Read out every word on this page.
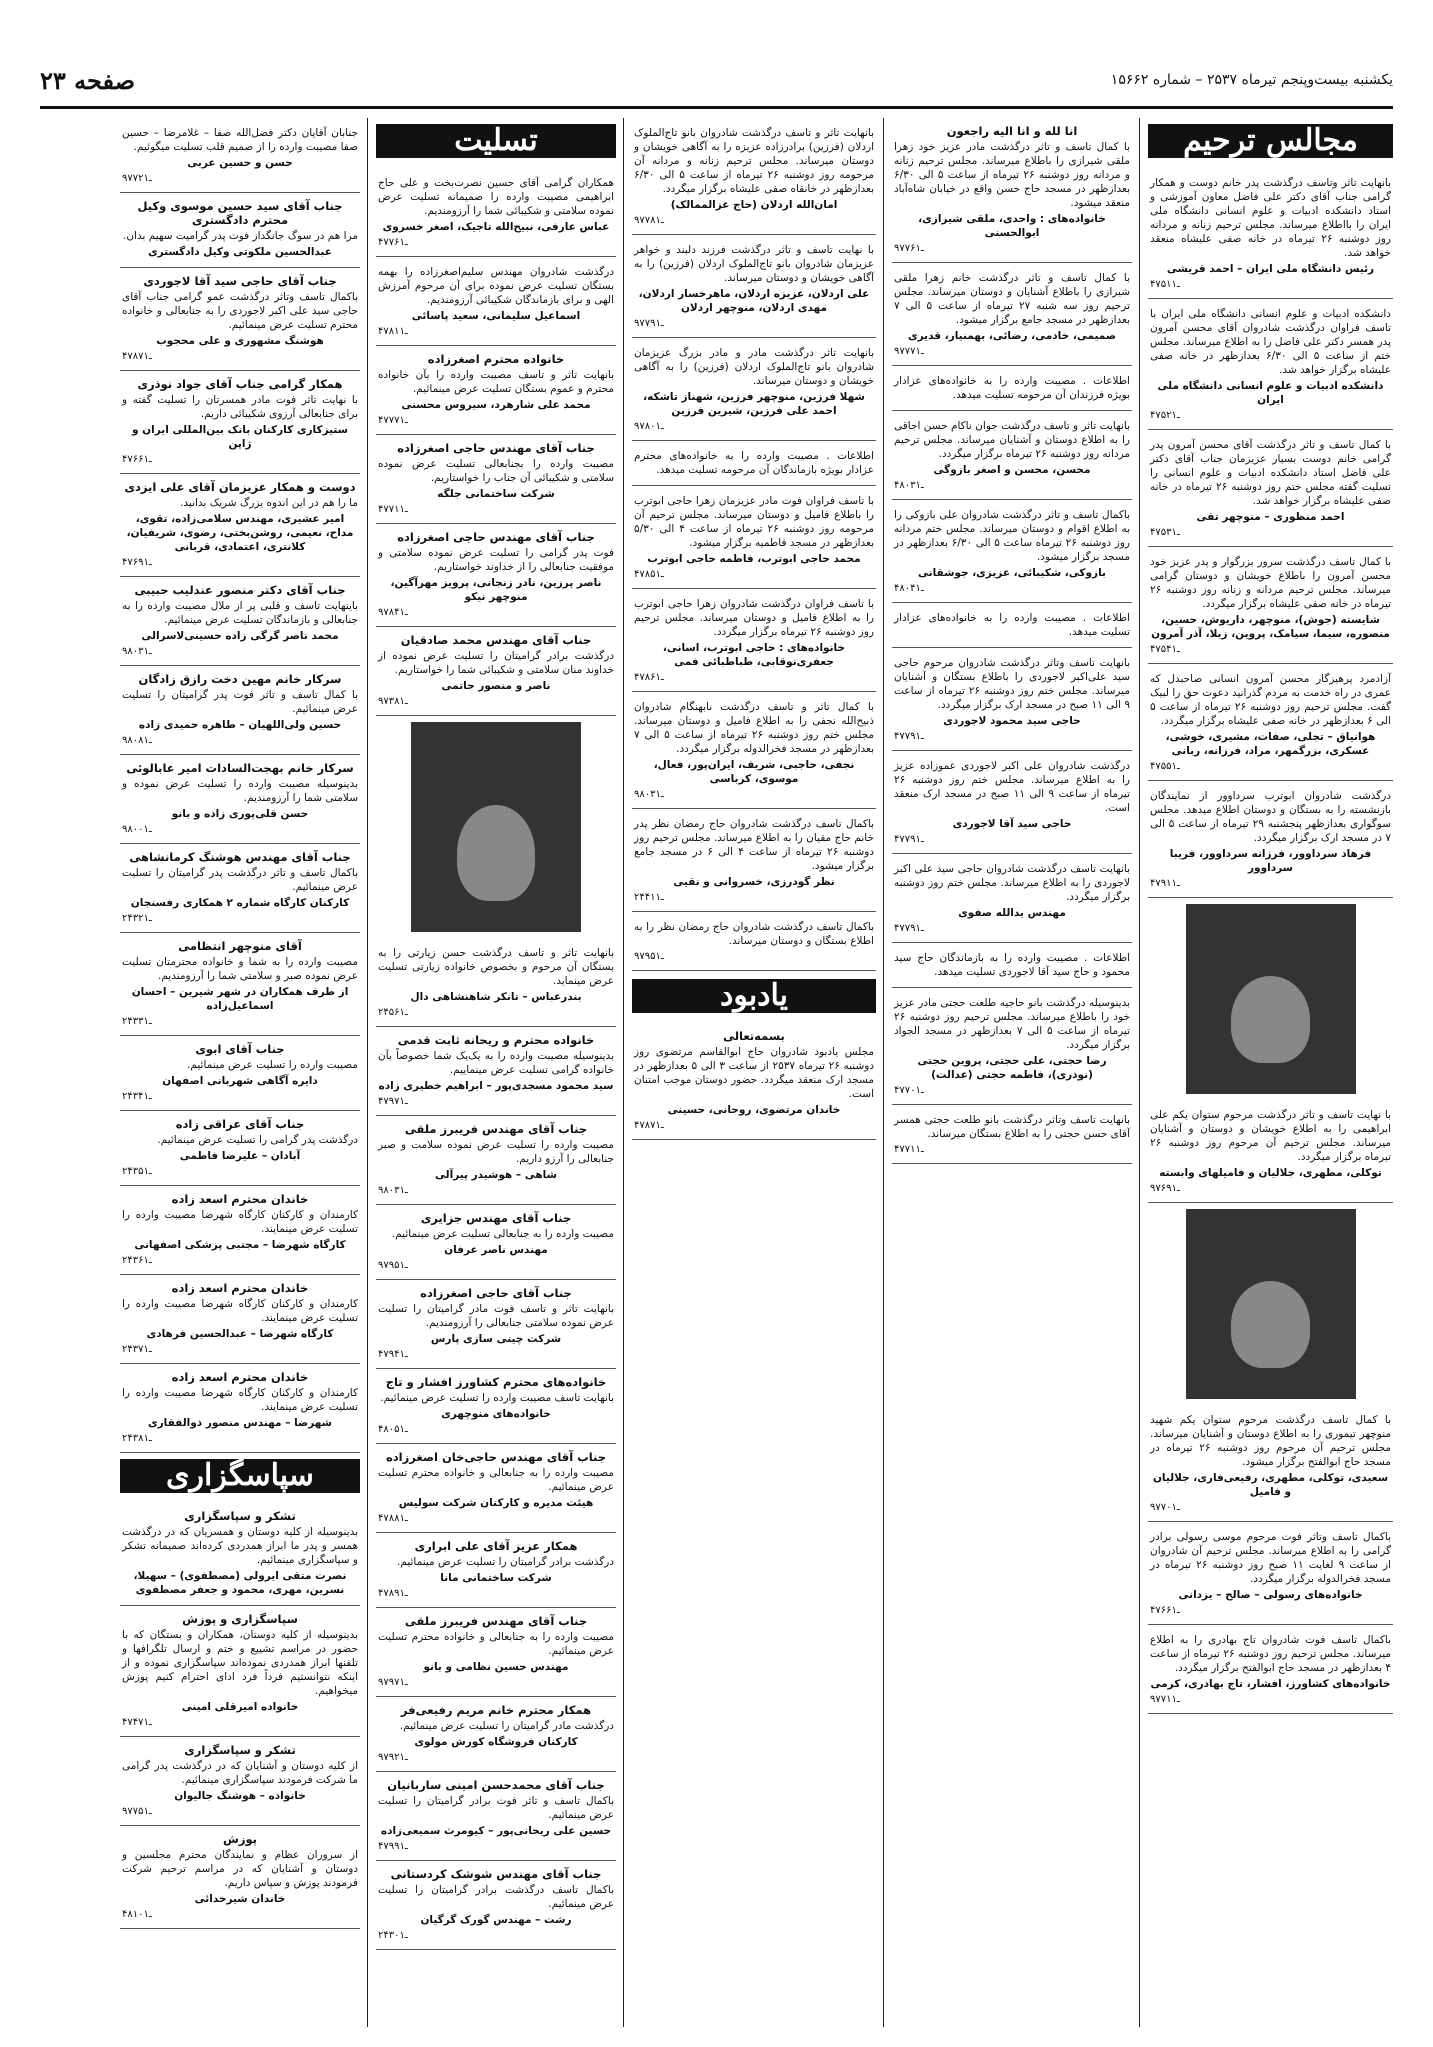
یکشنبه بیست‌وپنجم تیرماه ۲۵۳۷ – شماره ۱۵۶۶۲
صفحه ۲۳
مجالس ترحیم
بانهایت تاثر وتاسف درگذشت پدر خانم دوست و همکار گرامی جناب آقای دکتر علی فاضل معاون آموزشی و استاد دانشکده ادبیات و علوم انسانی دانشگاه ملی ایران را بااطلاع میرساند. مجلس ترحیم زنانه و مردانه روز دوشنبه ۲۶ تیرماه در خانه صفی علیشاه منعقد خواهد شد.
رئیس دانشگاه ملی ایران – احمد قریشی
۴۷۵۱ـ۱
دانشکده ادبیات و علوم انسانی دانشگاه ملی ایران با تاسف فراوان درگذشت شادروان آقای محسن آمرون پدر همسر دکتر علی فاضل را به اطلاع میرساند. مجلس ختم از ساعت ۵ الی ۶/۳۰ بعدازظهر در خانه صفی علیشاه برگزار خواهد شد.
دانشکده ادبیات و علوم انسانی دانشگاه ملی ایران
۴۷۵۲ـ۱
با کمال تاسف و تاثر درگذشت آقای محسن آمرون پدر گرامی خانم دوست بسیار عزیزمان جناب آقای دکتر علی فاضل استاد دانشکده ادبیات و علوم انسانی را تسلیت گفته مجلس ختم روز دوشنبه ۲۶ تیرماه در خانه صفی علیشاه برگزار خواهد شد.
احمد منظوری – منوچهر تقی
۴۷۵۳ـ۱
با کمال تاسف درگذشت سرور بزرگوار و پدر عزیز خود محسن آمرون را باطلاع خویشان و دوستان گرامی میرساند. مجلس ترحیم مردانه و زنانه روز دوشنبه ۲۶ تیرماه در خانه صفی علیشاه برگزار میگردد.
شایسته (جوش)، منوچهر، داریوش، حسین، منصوره، سیما، سیامک، پروین، زیلا، آذر آمرون
۴۷۵۴ـ۱
آزادمرد پرهیزگار محسن آمرون انسانی صاحبدل که عمری در راه خدمت به مردم گذرانید دعوت حق را لبیک گفت. مجلس ترحیم روز دوشنبه ۲۶ تیرماه از ساعت ۵ الی ۶ بعدازظهر در خانه صفی علیشاه برگزار میگردد.
هوانیاق – تجلی، صفات، مشیری، خوشی، عسکری، بزرگمهر، مراد، فرزانه، ربانی
۴۷۵۵ـ۱
درگذشت شادروان ابوترب سرداوور از نمایندگان بازنشسته را به بستگان و دوستان اطلاع میدهد. مجلس سوگواری بعدازظهر پنجشنبه ۲۹ تیرماه از ساعت ۵ الی ۷ در مسجد ارک برگزار میگردد.
فرهاد سرداوور، فرزانه سرداوور، فریبا سرداوور
۴۷۹۱ـ۱
با نهایت تاسف و تاثر درگذشت مرحوم ستوان یکم علی ابراهیمی را به اطلاع خویشان و دوستان و آشنایان میرساند. مجلس ترحیم آن مرحوم روز دوشنبه ۲۶ تیرماه برگزار میگردد.
توکلی، مطهری، جلالیان و فامیلهای وابسته
۹۷۶۹ـ۱
با کمال تاسف درگذشت مرحوم ستوان یکم شهید منوچهر تیموری را به اطلاع دوستان و آشنایان میرساند. مجلس ترحیم آن مرحوم روز دوشنبه ۲۶ تیرماه در مسجد حاج ابوالفتح برگزار میشود.
سعیدی، توکلی، مطهری، رفیعی‌فاری، جلالیان و فامیل
۹۷۷۰ـ۱
باکمال تاسف وتاثر فوت مرحوم موسی رسولی برادر گرامی را به اطلاع میرساند. مجلس ترحیم آن شادروان از ساعت ۹ لغایت ۱۱ صبح روز دوشنبه ۲۶ تیرماه در مسجد فخرالدوله برگزار میگردد.
خانواده‌های رسولی – صالح – یزدانی
۴۷۶۶ـ۱
باکمال تاسف فوت شادروان تاج بهادری را به اطلاع میرساند. مجلس ترحیم روز دوشنبه ۲۶ تیرماه از ساعت ۴ بعدازظهر در مسجد حاج ابوالفتح برگزار میگردد.
خانواده‌های کشاورز، افشار، تاج بهادری، کرمی
۹۷۷۱ـ۱
انا لله و انا الیه راجعون
با کمال تاسف و تاثر درگذشت مادر عزیز خود زهرا ملقی شیرازی را باطلاع میرساند. مجلس ترحیم زنانه و مردانه روز دوشنبه ۲۶ تیرماه از ساعت ۵ الی ۶/۳۰ بعدازظهر در مسجد حاج حسن واقع در خیابان شاه‌آباد منعقد میشود.
خانواده‌های : واحدی، ملقی شیرازی، ابوالحسنی
۹۷۷۶ـ۱
با کمال تاسف و تاثر درگذشت خانم زهرا ملقی شیرازی را باطلاع آشنایان و دوستان میرساند. مجلس ترحیم روز سه شنبه ۲۷ تیرماه از ساعت ۵ الی ۷ بعدازظهر در مسجد جامع برگزار میشود.
صمیمی، خادمی، رضائی، بهمنیار، قدیری
۹۷۷۷ـ۱
اطلاعات . مصیبت وارده را به خانواده‌های عزادار بویژه فرزندان آن مرحومه تسلیت میدهد.
بانهایت تاثر و تاسف درگذشت جوان ناکام حسن اجاقی را به اطلاع دوستان و آشنایان میرساند. مجلس ترحیم مردانه روز دوشنبه ۲۶ تیرماه برگزار میگردد.
محسن، محسن و اصغر بازوگی
۴۸۰۳ـ۱
باکمال تاسف و تاثر درگذشت شادروان علی بازوکی را به اطلاع اقوام و دوستان میرساند. مجلس ختم مردانه روز دوشنبه ۲۶ تیرماه ساعت ۵ الی ۶/۳۰ بعدازظهر در مسجد برگزار میشود.
بازوکی، شکیبائی، عزیزی، جوشقانی
۴۸۰۴ـ۱
اطلاعات . مصیبت وارده را به خانواده‌های عزادار تسلیت میدهد.
بانهایت تاسف وتاثر درگذشت شادروان مرحوم حاجی سید علی‌اکبر لاجوردی را باطلاع بستگان و آشنایان میرساند. مجلس ختم روز دوشنبه ۲۶ تیرماه از ساعت ۹ الی ۱۱ صبح در مسجد ارک برگزار میگردد.
حاجی سید محمود لاجوردی
۴۷۷۹ـ۱
درگذشت شادروان علی اکبر لاجوردی عموزاده عزیز را به اطلاع میرساند. مجلس ختم روز دوشنبه ۲۶ تیرماه از ساعت ۹ الی ۱۱ صبح در مسجد ارک منعقد است.
حاجی سید آقا لاجوردی
۴۷۷۹ـ۱
بانهایت تاسف درگذشت شادروان حاجی سید علی اکبر لاجوردی را به اطلاع میرساند. مجلس ختم روز دوشنبه برگزار میگردد.
مهندس یدالله صفوی
۴۷۷۹ـ۱
اطلاعات . مصیبت وارده را به بازماندگان حاج سید محمود و حاج سید آقا لاجوردی تسلیت میدهد.
بدینوسیله درگذشت بانو حاجیه طلعت حجتی مادر عزیز خود را باطلاع میرساند. مجلس ترحیم روز دوشنبه ۲۶ تیرماه از ساعت ۵ الی ۷ بعدازظهر در مسجد الجواد برگزار میگردد.
رضا حجتی، علی حجتی، پروین حجتی (نوذری)، فاطمه حجتی (عدالت)
۴۷۷۰ـ۱
بانهایت تاسف وتاثر درگذشت بانو طلعت حجتی همسر آقای حسن حجتی را به اطلاع بستگان میرساند.
۴۷۷۱ـ۱
بانهایت تاثر و تاسف درگذشت شادروان بانو تاج‌الملوک اردلان (فرزین) برادرزاده عزیزه را به آگاهی خویشان و دوستان میرساند. مجلس ترحیم زنانه و مردانه آن مرحومه روز دوشنبه ۲۶ تیرماه از ساعت ۵ الی ۶/۳۰ بعدازظهر در خانقاه صفی علیشاه برگزار میگردد.
امان‌الله اردلان (حاج عزالممالک)
۹۷۷۸ـ۱
با نهایت تاسف و تاثر درگذشت فرزند دلبند و خواهر عزیزمان شادروان بانو تاج‌الملوک اردلان (فرزین) را به آگاهی خویشان و دوستان میرساند.
علی اردلان، عزیزه اردلان، ماهرخسار اردلان، مهدی اردلان، منوچهر اردلان
۹۷۷۹ـ۱
بانهایت تاثر درگذشت مادر و مادر بزرگ عزیزمان شادروان بانو تاج‌الملوک اردلان (فرزین) را به آگاهی خویشان و دوستان میرساند.
شهلا فرزین، منوچهر فرزین، شهناز تاشکه، احمد علی فرزین، شیرین فرزین
۹۷۸۰ـ۱
اطلاعات . مصیبت وارده را به خانواده‌های محترم عزادار بویژه بازماندگان آن مرحومه تسلیت میدهد.
با تاسف فراوان فوت مادر عزیزمان زهرا حاجی ابوترب را باطلاع فامیل و دوستان میرساند. مجلس ترحیم آن مرحومه روز دوشنبه ۲۶ تیرماه از ساعت ۴ الی ۵/۳۰ بعدازظهر در مسجد فاطمیه برگزار میشود.
محمد حاجی ابوترب، فاطمه حاجی ابوترب
۴۷۸۵ـ۱
با تاسف فراوان درگذشت شادروان زهرا حاجی ابوترب را به اطلاع فامیل و دوستان میرساند. مجلس ترحیم روز دوشنبه ۲۶ تیرماه برگزار میگردد.
خانواده‌های : حاجی ابوترب، اسانی، جعفری‌نوقابی، طباطبائی فمی
۴۷۸۶ـ۱
با کمال تاثر و تاسف درگذشت نابهنگام شادروان ذبیح‌الله نجفی را به اطلاع فامیل و دوستان میرساند. مجلس ختم روز دوشنبه ۲۶ تیرماه از ساعت ۵ الی ۷ بعدازظهر در مسجد فخرالدوله برگزار میگردد.
نجفی، حاجبی، شریف، ایران‌پور، فعال، موسوی، کرباسی
۹۸۰۳ـ۱
باکمال تاسف درگذشت شادروان حاج رمضان نظر پدر خانم حاج مقیان را به اطلاع میرساند. مجلس ترحیم روز دوشنبه ۲۶ تیرماه از ساعت ۴ الی ۶ در مسجد جامع برگزار میشود.
نظر گودرزی، خسروانی و نقیی
۲۴۴۱ـ۱
باکمال تاسف درگذشت شادروان حاج رمضان نظر را به اطلاع بستگان و دوستان میرساند.
۹۷۹۵ـ۱
یادبود
بسمه‌تعالی
مجلس یادبود شادروان حاج ابوالقاسم مرتضوی روز دوشنبه ۲۶ تیرماه ۲۵۳۷ از ساعت ۳ الی ۵ بعدازظهر در مسجد ارک منعقد میگردد. حضور دوستان موجب امتنان است.
خاندان مرتضوی، روحانی، حسینی
۴۷۸۷ـ۱
تسلیت
همکاران گرامی آقای حسین نصرت‌بخت و علی حاج ابراهیمی مصیبت وارده را صمیمانه تسلیت عرض نموده سلامتی و شکیبائی شما را آرزومندیم.
عباس عارفی، نبیح‌الله تاجیک، اصغر خسروی
۴۷۷۶ـ۱
درگذشت شادروان مهندس سلیم‌اصغرزاده را بهمه بستگان تسلیت عرض نموده برای آن مرحوم آمرزش الهی و برای بازماندگان شکیبائی آرزومندیم.
اسماعیل سلیمانی، سعید پاسائی
۴۷۸۱ـ۱
خانواده محترم اصغرزاده
بانهایت تاثر و تاسف مصیبت وارده را بآن خانواده محترم و عموم بستگان تسلیت عرض مینمائیم.
محمد علی شارهرد، سیروس محسنی
۴۷۷۷ـ۱
جناب آقای مهندس حاجی اصغرزاده
مصیبت وارده را بجنابعالی تسلیت عرض نموده سلامتی و شکیبائی آن جناب را خواستاریم.
شرکت ساختمانی جلگه
۴۷۷۱ـ۱
جناب آقای مهندس حاجی اصغرزاده
فوت پدر گرامی را تسلیت عرض نموده سلامتی و موفقیت جنابعالی را از خداوند خواستاریم.
ناصر پرزین، نادر زنجانی، پرویز مهرآگین، منوچهر نیکو
۹۷۸۴ـ۱
جناب آقای مهندس محمد صادقیان
درگذشت برادر گرامیتان را تسلیت عرض نموده از خداوند منان سلامتی و شکیبائی شما را خواستاریم.
ناصر و منصور حاتمی
۹۷۳۸ـ۱
بانهایت تاثر و تاسف درگذشت حسن زیارتی را به بستگان آن مرحوم و بخصوص خانواده زیارتی تسلیت عرض مینماید.
بندرعباس – تانکر شاهنشاهی دال
۲۴۵۶ـ۱
خانواده محترم و ریحانه ثابت قدمی
بدینوسیله مصیبت وارده را به یک‌یک شما خصوصاً بآن خانواده گرامی تسلیت عرض مینماییم.
سید محمود مسجدی‌پور – ابراهیم خطیری زاده
۴۷۹۷ـ۱
جناب آقای مهندس فریبرز ملقی
مصیبت وارده را تسلیت عرض نموده سلامت و صبر جنابعالی را آرزو داریم.
شاهی – هوشیدر پیرآلی
۹۸۰۳ـ۱
جناب آقای مهندس جزایری
مصیبت وارده را به جنابعالی تسلیت عرض مینمائیم.
مهندس ناصر عرفان
۹۷۹۵ـ۱
جناب آقای حاجی اصغرزاده
بانهایت تاثر و تاسف فوت مادر گرامیتان را تسلیت عرض نموده سلامتی جنابعالی را آرزومندیم.
شرکت چینی سازی پارس
۴۷۹۴ـ۱
خانواده‌های محترم کشاورز افشار و تاج
بانهایت تاسف مصیبت وارده را تسلیت عرض مینمائیم.
خانواده‌های منوچهری
۴۸۰۵ـ۱
جناب آقای مهندس حاجی‌خان اصغرزاده
مصیبت وارده را به جنابعالی و خانواده محترم تسلیت عرض مینمائیم.
هیئت مدیره و کارکنان شرکت سولیس
۴۷۸۸ـ۱
همکار عزیز آقای علی ابراری
درگذشت برادر گرامیتان را تسلیت عرض مینمائیم.
شرکت ساختمانی مانا
۴۷۸۹ـ۱
جناب آقای مهندس فریبرز ملقی
مصیبت وارده را به جنابعالی و خانواده محترم تسلیت عرض مینمائیم.
مهندس حسین نظامی و بانو
۹۷۹۷ـ۱
همکار محترم خانم مریم رفیعی‌فر
درگذشت مادر گرامیتان را تسلیت عرض مینمائیم.
کارکنان فروشگاه کورش مولوی
۹۷۹۲ـ۱
جناب آقای محمدحسن امینی ساربانیان
باکمال تاسف و تاثر فوت برادر گرامیتان را تسلیت عرض مینمائیم.
حسین علی ریحانی‌پور – کیومرث سمیعی‌زاده
۴۷۹۹ـ۱
جناب آقای مهندس شوشک کردستانی
باکمال تاسف درگذشت برادر گرامیتان را تسلیت عرض مینمائیم.
رشت – مهندس گورک گرگیان
۲۴۳۰ـ۱
جنابان آقایان دکتر فضل‌الله صفا – غلامرضا – حسین صفا مصیبت وارده را از صمیم قلب تسلیت میگوئیم.
حسن و حسین عربی
۹۷۷۲ـ۱
جناب آقای سید حسین موسوی وکیل محترم دادگستری
مرا هم در سوگ جانگداز فوت پدر گرامیت سهیم بدان.
عبدالحسین ملکوتی وکیل دادگستری
جناب آقای حاجی سید آقا لاجوردی
باکمال تاسف وتاثر درگذشت عمو گرامی جناب آقای حاجی سید علی اکبر لاجوردی را به جنابعالی و خانواده محترم تسلیت عرض مینمائیم.
هوشنگ مشهوری و علی محجوب
۴۷۸۷ـ۱
همکار گرامی جناب آقای جواد نوذری
با نهایت تاثر فوت مادر همسرتان را تسلیت گفته و برای جنابعالی آرزوی شکیبائی داریم.
ستیزکاری کارکنان بانک بین‌المللی ایران و ژاپن
۴۷۶۶ـ۱
دوست و همکار عزیزمان آقای علی ایزدی
ما را هم در این اندوه بزرگ شریک بدانید.
امیر عشیری، مهندس سلامی‌زاده، تقوی، مداح، نعیمی، روشن‌بختی، رضوی، شریفیان، کلانتری، اعتمادی، قربانی
۴۷۶۹ـ۱
جناب آقای دکتر منصور عندلیب حبیبی
باینهایت تاسف و قلبی پر از ملال مصیبت وارده را به جنابعالی و بازماندگان تسلیت عرض مینمائیم.
محمد ناصر گرگی زاده حسینی‌لاسرالی
۹۸۰۳ـ۱
سرکار خانم مهین دخت رازق زادگان
با کمال تاسف و تاثر فوت پدر گرامیتان را تسلیت عرض مینمائیم.
حسین ولی‌اللهیان – طاهره حمیدی زاده
۹۸۰۸ـ۱
سرکار خانم بهجت‌السادات امیر عابالوئی
بدینوسیله مصیبت وارده را تسلیت عرض نموده و سلامتی شما را آرزومندیم.
حسن قلی‌پوری زاده و بانو
۹۸۰۰ـ۱
جناب آقای مهندس هوشنگ کرمانشاهی
باکمال تاسف و تاثر درگذشت پدر گرامیتان را تسلیت عرض مینمائیم.
کارکنان کارگاه شماره ۲ همکاری رفسنجان
۲۴۳۲ـ۱
آقای منوچهر انتظامی
مصیبت وارده را به شما و خانواده محترمتان تسلیت عرض نموده صبر و سلامتی شما را آرزومندیم.
از طرف همکاران در شهر شیرین – احسان اسماعیل‌زاده
۲۴۳۳ـ۱
جناب آقای ابوی
مصیبت وارده را تسلیت عرض مینمائیم.
دایره آگاهی شهربانی اصفهان
۲۴۳۴ـ۱
جناب آقای عراقی زاده
درگذشت پدر گرامی را تسلیت عرض مینمائیم.
آبادان – علیرضا فاطمی
۲۴۳۵ـ۱
خاندان محترم اسعد زاده
کارمندان و کارکنان کارگاه شهرضا مصیبت وارده را تسلیت عرض مینمایند.
کارگاه شهرضا – مجتبی پزشکی اصفهانی
۲۴۳۶ـ۱
خاندان محترم اسعد زاده
کارمندان و کارکنان کارگاه شهرضا مصیبت وارده را تسلیت عرض مینمایند.
کارگاه شهرضا – عبدالحسین فرهادی
۲۴۳۷ـ۱
خاندان محترم اسعد زاده
کارمندان و کارکنان کارگاه شهرضا مصیبت وارده را تسلیت عرض مینمایند.
شهرضا – مهندس منصور ذوالفقاری
۲۴۳۸ـ۱
سپاسگزاری
تشکر و سپاسگزاری
بدینوسیله از کلیه دوستان و همسریان که در درگذشت همسر و پدر ما ابراز همدردی کرده‌اند صمیمانه تشکر و سپاسگزاری مینمائیم.
نصرت متقی ایرولی (مصطفوی) – سهیلا، نسرین، مهری، محمود و جعفر مصطفوی
سپاسگزاری و پوزش
بدینوسیله از کلیه دوستان، همکاران و بستگان که با حضور در مراسم تشییع و ختم و ارسال تلگرافها و تلفنها ابراز همدردی نموده‌اند سپاسگزاری نموده و از اینکه نتوانستیم فرداً فرد ادای احترام کنیم پوزش میخواهیم.
خانواده امیرقلی امینی
۴۷۴۷ـ۱
تشکر و سپاسگزاری
از کلیه دوستان و آشنایان که در درگذشت پدر گرامی ما شرکت فرمودند سپاسگزاری مینمائیم.
خانواده – هوشنگ جالیوان
۹۷۷۵ـ۱
پوزش
از سروران عظام و نمایندگان محترم مجلسین و دوستان و آشنایان که در مراسم ترحیم شرکت فرمودند پوزش و سپاس داریم.
خاندان شیرخدائی
۴۸۱۰ـ۱
